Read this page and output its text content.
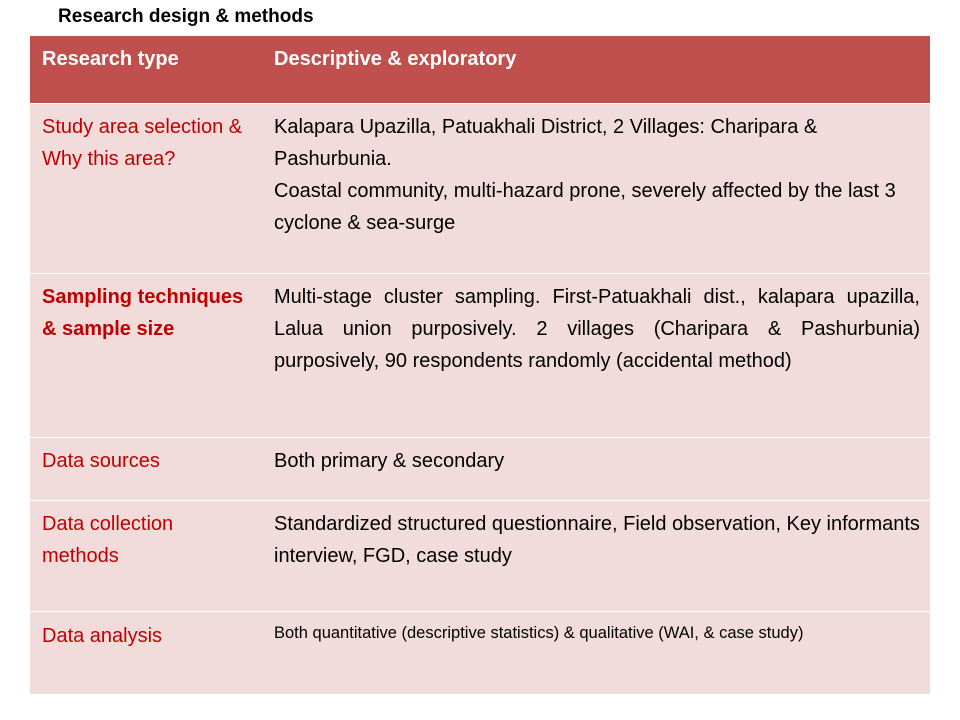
Research design & methods
Research type	Descriptive & exploratory
Study area selection & Why this area?	Kalapara Upazilla, Patuakhali District, 2 Villages: Charipara & Pashurbunia.
Coastal community, multi-hazard prone, severely affected by the last 3 cyclone & sea-surge

Sampling techniques & sample size	Multi-stage cluster sampling. First-Patuakhali dist., kalapara upazilla, Lalua union purposively. 2 villages (Charipara & Pashurbunia) purposively, 90 respondents randomly (accidental method)

Data sources	Both primary & secondary

Data collection methods	Standardized structured questionnaire, Field observation, Key informants interview, FGD, case study

Data analysis	Both quantitative (descriptive statistics) & qualitative (WAI, & case study)
